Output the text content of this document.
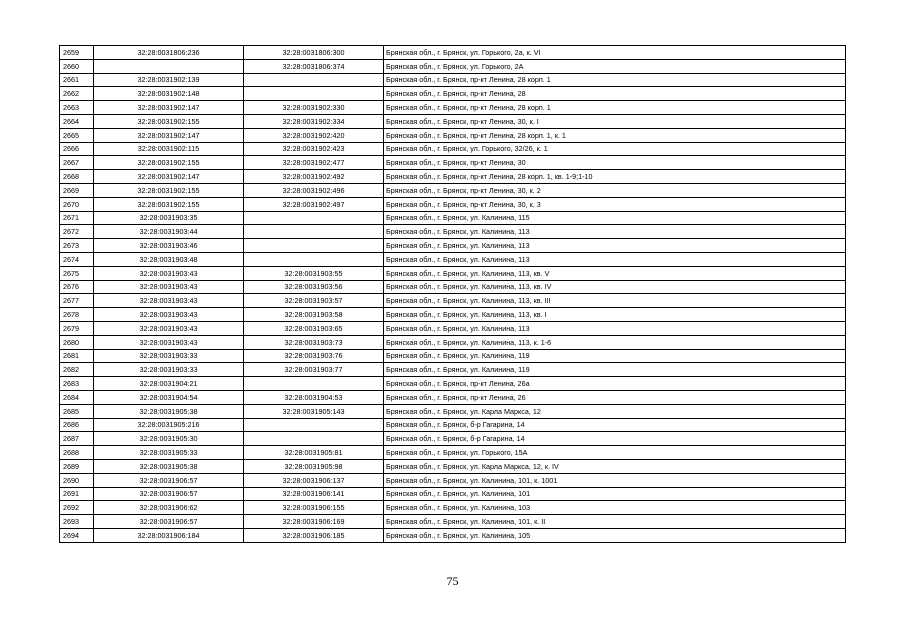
2659	32:28:0031806:236	32:28:0031806:300	Брянская обл., г. Брянск, ул. Горького, 2а, к. VI
2660		32:28:0031806:374	Брянская обл., г. Брянск, ул. Горького, 2А
2661	32:28:0031902:139		Брянская обл., г. Брянск, пр-кт Ленина, 28 корп. 1
2662	32:28:0031902:148		Брянская обл., г. Брянск, пр-кт Ленина, 28
2663	32:28:0031902:147	32:28:0031902:330	Брянская обл., г. Брянск, пр-кт Ленина, 28 корп. 1
2664	32:28:0031902:155	32:28:0031902:334	Брянская обл., г. Брянск, пр-кт Ленина, 30, к. I
2665	32:28:0031902:147	32:28:0031902:420	Брянская обл., г. Брянск, пр-кт Ленина, 28 корп. 1, к. 1
2666	32:28:0031902:115	32:28:0031902:423	Брянская обл., г. Брянск, ул. Горького, 32/26, к. 1
2667	32:28:0031902:155	32:28:0031902:477	Брянская обл., г. Брянск, пр-кт Ленина, 30
2668	32:28:0031902:147	32:28:0031902:492	Брянская обл., г. Брянск, пр-кт Ленина, 28 корп. 1, кв. 1-9;1-10
2669	32:28:0031902:155	32:28:0031902:496	Брянская обл., г. Брянск, пр-кт Ленина, 30, к. 2
2670	32:28:0031902:155	32:28:0031902:497	Брянская обл., г. Брянск, пр-кт Ленина, 30, к. 3
2671	32:28:0031903:35		Брянская обл., г. Брянск, ул. Калинина, 115
2672	32:28:0031903:44		Брянская обл., г. Брянск, ул. Калинина, 113
2673	32:28:0031903:46		Брянская обл., г. Брянск, ул. Калинина, 113
2674	32:28:0031903:48		Брянская обл., г. Брянск, ул. Калинина, 113
2675	32:28:0031903:43	32:28:0031903:55	Брянская обл., г. Брянск, ул. Калинина, 113, кв. V
2676	32:28:0031903:43	32:28:0031903:56	Брянская обл., г. Брянск, ул. Калинина, 113, кв. IV
2677	32:28:0031903:43	32:28:0031903:57	Брянская обл., г. Брянск, ул. Калинина, 113, кв. III
2678	32:28:0031903:43	32:28:0031903:58	Брянская обл., г. Брянск, ул. Калинина, 113, кв. I
2679	32:28:0031903:43	32:28:0031903:65	Брянская обл., г. Брянск, ул. Калинина, 113
2680	32:28:0031903:43	32:28:0031903:73	Брянская обл., г. Брянск, ул. Калинина, 113, к. 1-6
2681	32:28:0031903:33	32:28:0031903:76	Брянская обл., г. Брянск, ул. Калинина, 119
2682	32:28:0031903:33	32:28:0031903:77	Брянская обл., г. Брянск, ул. Калинина, 119
2683	32:28:0031904:21		Брянская обл., г. Брянск, пр-кт Ленина, 26а
2684	32:28:0031904:54	32:28:0031904:53	Брянская обл., г. Брянск, пр-кт Ленина, 26
2685	32:28:0031905:38	32:28:0031905:143	Брянская обл., г. Брянск, ул. Карла Маркса, 12
2686	32:28:0031905:216		Брянская обл., г. Брянск, б-р Гагарина, 14
2687	32:28:0031905:30		Брянская обл., г. Брянск, б-р Гагарина, 14
2688	32:28:0031905:33	32:28:0031905:81	Брянская обл., г. Брянск, ул. Горького, 15А
2689	32:28:0031905:38	32:28:0031905:98	Брянская обл., г. Брянск, ул. Карла Маркса, 12, к. IV
2690	32:28:0031906:57	32:28:0031906:137	Брянская обл., г. Брянск, ул. Калинина, 101, к. 1001
2691	32:28:0031906:57	32:28:0031906:141	Брянская обл., г. Брянск, ул. Калинина, 101
2692	32:28:0031906:62	32:28:0031906:155	Брянская обл., г. Брянск, ул. Калинина, 103
2693	32:28:0031906:57	32:28:0031906:169	Брянская обл., г. Брянск, ул. Калинина, 101, к. II
2694	32:28:0031906:184	32:28:0031906:185	Брянская обл., г. Брянск, ул. Калинина, 105
75
